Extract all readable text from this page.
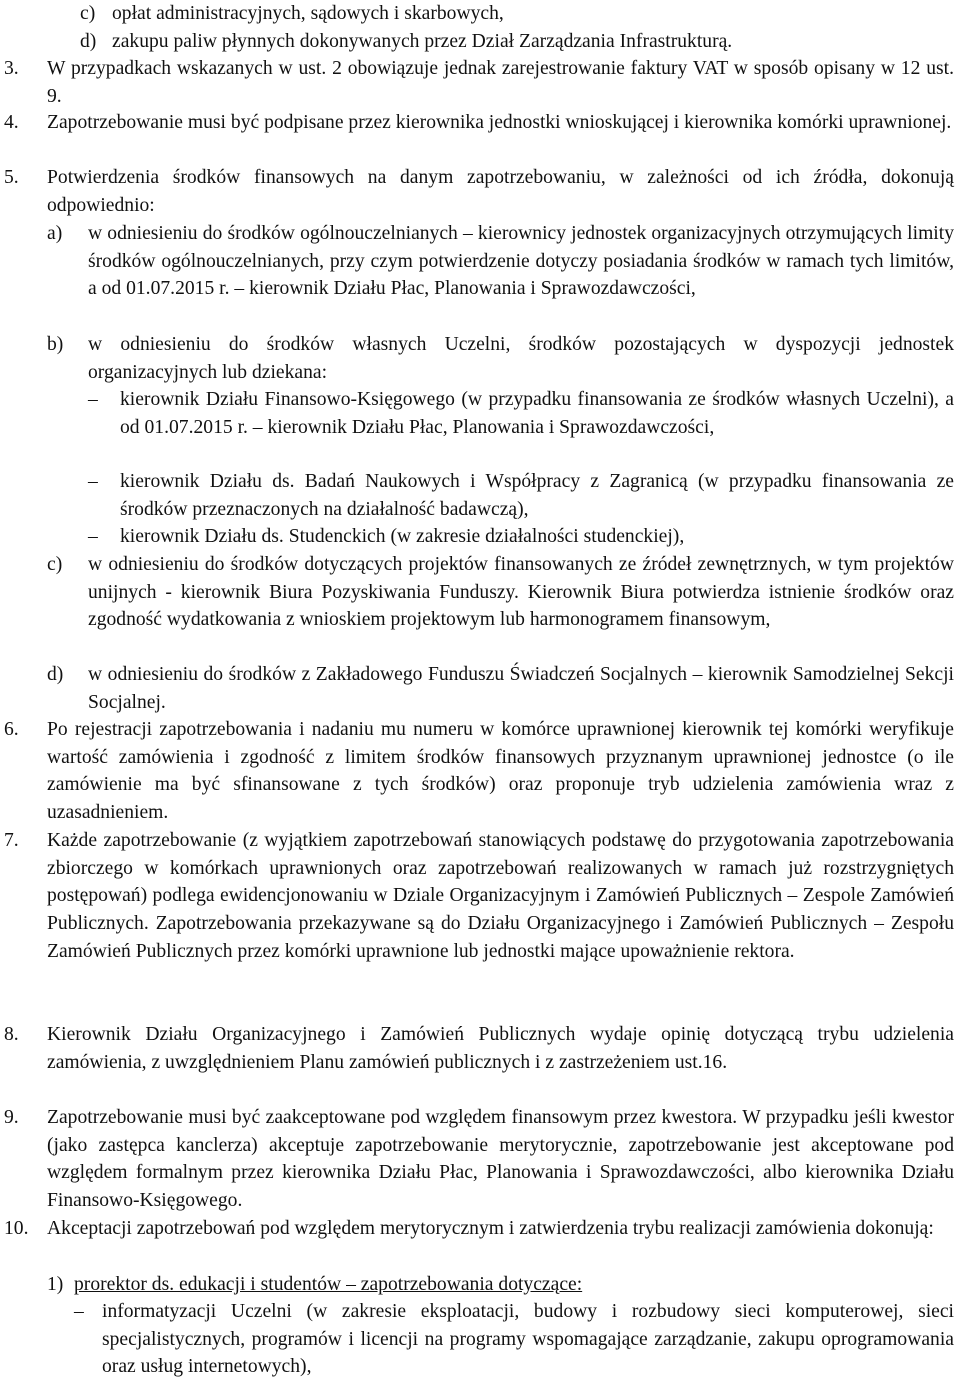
c) opłat administracyjnych, sądowych i skarbowych,
d) zakupu paliw płynnych dokonywanych przez Dział Zarządzania Infrastrukturą.
3. W przypadkach wskazanych w ust. 2 obowiązuje jednak zarejestrowanie faktury VAT w sposób opisany w 12 ust. 9.
4. Zapotrzebowanie musi być podpisane przez kierownika jednostki wnioskującej i kierownika komórki uprawnionej.
5. Potwierdzenia środków finansowych na danym zapotrzebowaniu, w zależności od ich źródła, dokonują odpowiednio:
a) w odniesieniu do środków ogólnouczelnianych – kierownicy jednostek organizacyjnych otrzymujących limity środków ogólnouczelnianych, przy czym potwierdzenie dotyczy posiadania środków w ramach tych limitów, a od 01.07.2015 r. – kierownik Działu Płac, Planowania i Sprawozdawczości,
b) w odniesieniu do środków własnych Uczelni, środków pozostających w dyspozycji jednostek organizacyjnych lub dziekana:
– kierownik Działu Finansowo-Księgowego (w przypadku finansowania ze środków własnych Uczelni), a od 01.07.2015 r. – kierownik Działu Płac, Planowania i Sprawozdawczości,
– kierownik Działu ds. Badań Naukowych i Współpracy z Zagranicą (w przypadku finansowania ze środków przeznaczonych na działalność badawczą),
– kierownik Działu ds. Studenckich (w zakresie działalności studenckiej),
c) w odniesieniu do środków dotyczących projektów finansowanych ze źródeł zewnętrznych, w tym projektów unijnych - kierownik Biura Pozyskiwania Funduszy. Kierownik Biura potwierdza istnienie środków oraz zgodność wydatkowania z wnioskiem projektowym lub harmonogramem finansowym,
d) w odniesieniu do środków z Zakładowego Funduszu Świadczeń Socjalnych – kierownik Samodzielnej Sekcji Socjalnej.
6. Po rejestracji zapotrzebowania i nadaniu mu numeru w komórce uprawnionej kierownik tej komórki weryfikuje wartość zamówienia i zgodność z limitem środków finansowych przyznanym uprawnionej jednostce (o ile zamówienie ma być sfinansowane z tych środków) oraz proponuje tryb udzielenia zamówienia wraz z uzasadnieniem.
7. Każde zapotrzebowanie (z wyjątkiem zapotrzebowań stanowiących podstawę do przygotowania zapotrzebowania zbiorczego w komórkach uprawnionych oraz zapotrzebowań realizowanych w ramach już rozstrzygniętych postępowań) podlega ewidencjonowaniu w Dziale Organizacyjnym i Zamówień Publicznych – Zespole Zamówień Publicznych. Zapotrzebowania przekazywane są do Działu Organizacyjnego i Zamówień Publicznych – Zespołu Zamówień Publicznych przez komórki uprawnione lub jednostki mające upoważnienie rektora.
8. Kierownik Działu Organizacyjnego i Zamówień Publicznych wydaje opinię dotyczącą trybu udzielenia zamówienia, z uwzględnieniem Planu zamówień publicznych i z zastrzeżeniem ust.16.
9. Zapotrzebowanie musi być zaakceptowane pod względem finansowym przez kwestora. W przypadku jeśli kwestor (jako zastępca kanclerza) akceptuje zapotrzebowanie merytorycznie, zapotrzebowanie jest akceptowane pod względem formalnym przez kierownika Działu Płac, Planowania i Sprawozdawczości, albo kierownika Działu Finansowo-Księgowego.
10. Akceptacji zapotrzebowań pod względem merytorycznym i zatwierdzenia trybu realizacji zamówienia dokonują:
1) prorektor ds. edukacji i studentów – zapotrzebowania dotyczące:
– informatyzacji Uczelni (w zakresie eksploatacji, budowy i rozbudowy sieci komputerowej, sieci specjalistycznych, programów i licencji na programy wspomagające zarządzanie, zakupu oprogramowania oraz usług internetowych),
